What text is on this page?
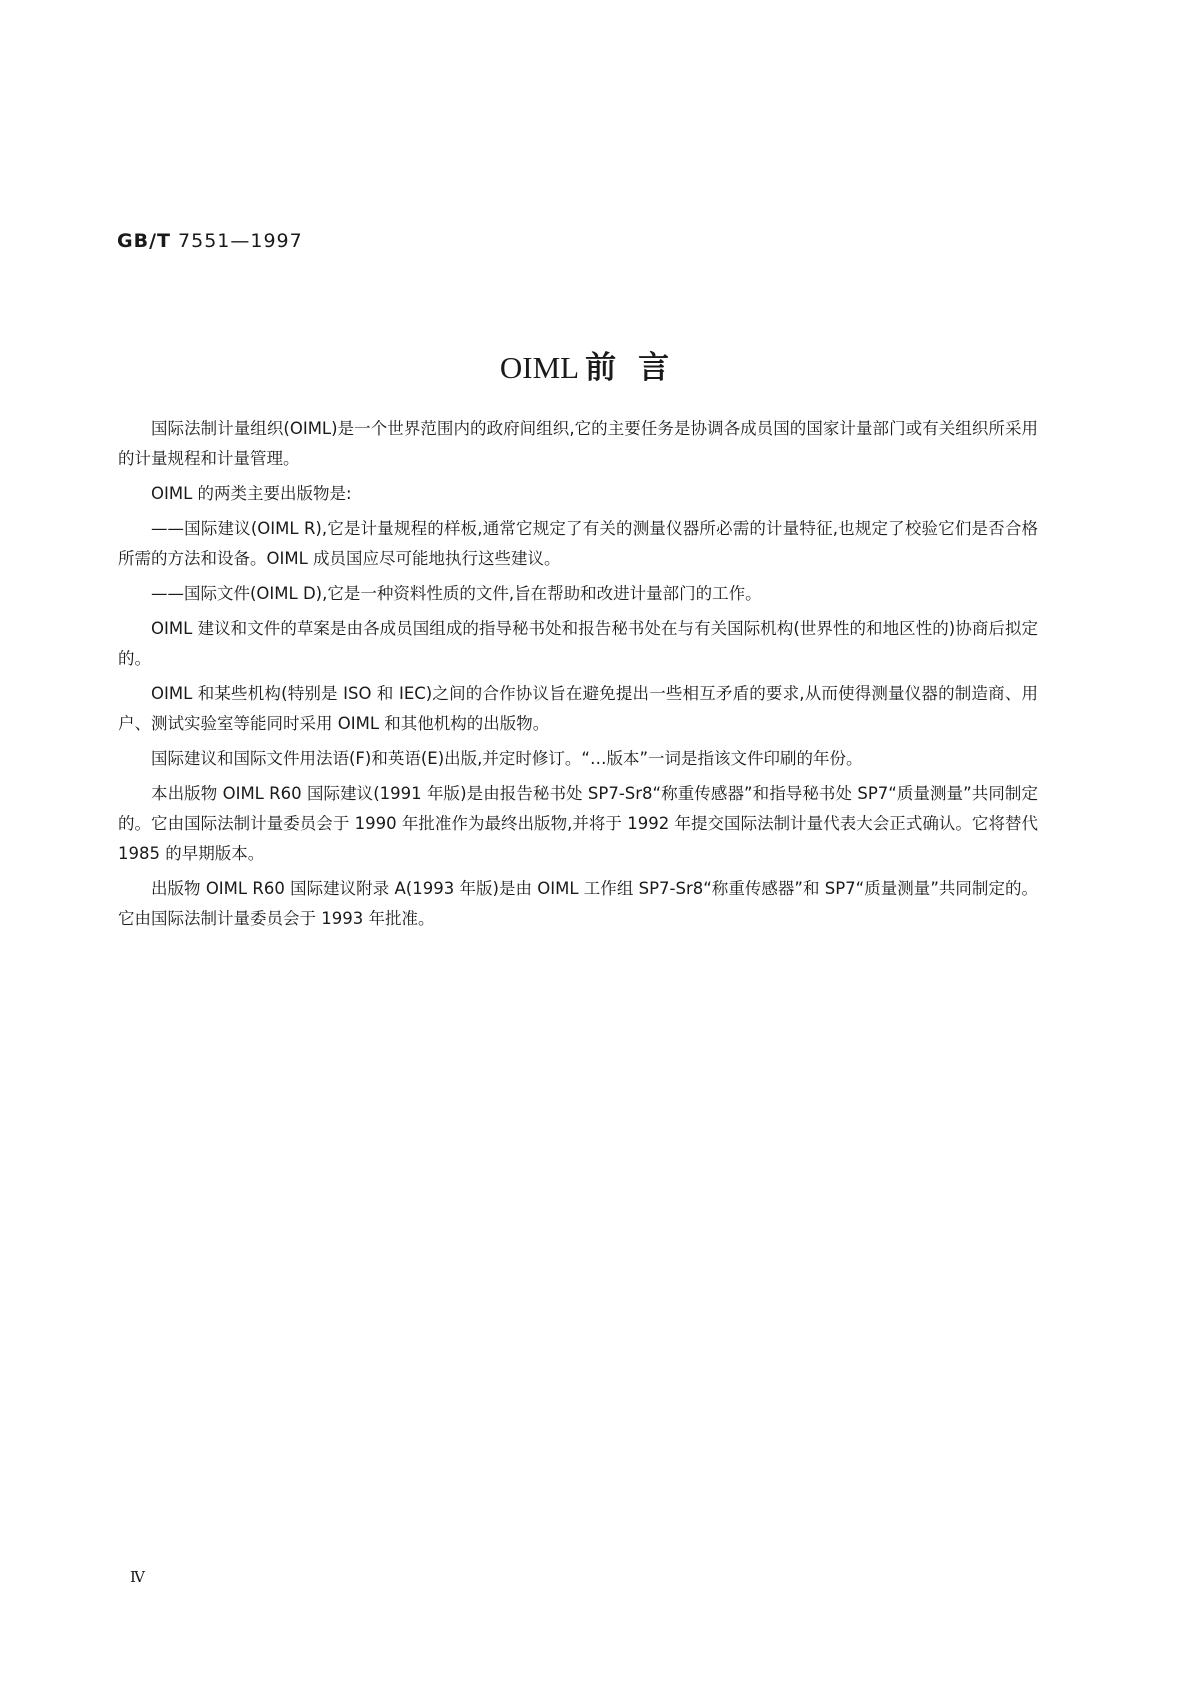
GB/T 7551—1997
OIML 前言

国际法制计量组织(OIML)是一个世界范围内的政府间组织,它的主要任务是协调各成员国的国家计量部门或有关组织所采用的计量规程和计量管理。

OIML 的两类主要出版物是:

——国际建议(OIML R),它是计量规程的样板,通常它规定了有关的测量仪器所必需的计量特征,也规定了校验它们是否合格所需的方法和设备。OIML 成员国应尽可能地执行这些建议。

——国际文件(OIML D),它是一种资料性质的文件,旨在帮助和改进计量部门的工作。

OIML 建议和文件的草案是由各成员国组成的指导秘书处和报告秘书处在与有关国际机构(世界性的和地区性的)协商后拟定的。

OIML 和某些机构(特别是 ISO 和 IEC)之间的合作协议旨在避免提出一些相互矛盾的要求,从而使得测量仪器的制造商、用户、测试实验室等能同时采用 OIML 和其他机构的出版物。

国际建议和国际文件用法语(F)和英语(E)出版,并定时修订。“…版本”一词是指该文件印刷的年份。

本出版物 OIML R60 国际建议(1991 年版)是由报告秘书处 SP7-Sr8“称重传感器”和指导秘书处 SP7“质量测量”共同制定的。它由国际法制计量委员会于 1990 年批准作为最终出版物,并将于 1992 年提交国际法制计量代表大会正式确认。它将替代 1985 的早期版本。

出版物 OIML R60 国际建议附录 A(1993 年版)是由 OIML 工作组 SP7-Sr8“称重传感器”和 SP7“质量测量”共同制定的。它由国际法制计量委员会于 1993 年批准。

Ⅳ
